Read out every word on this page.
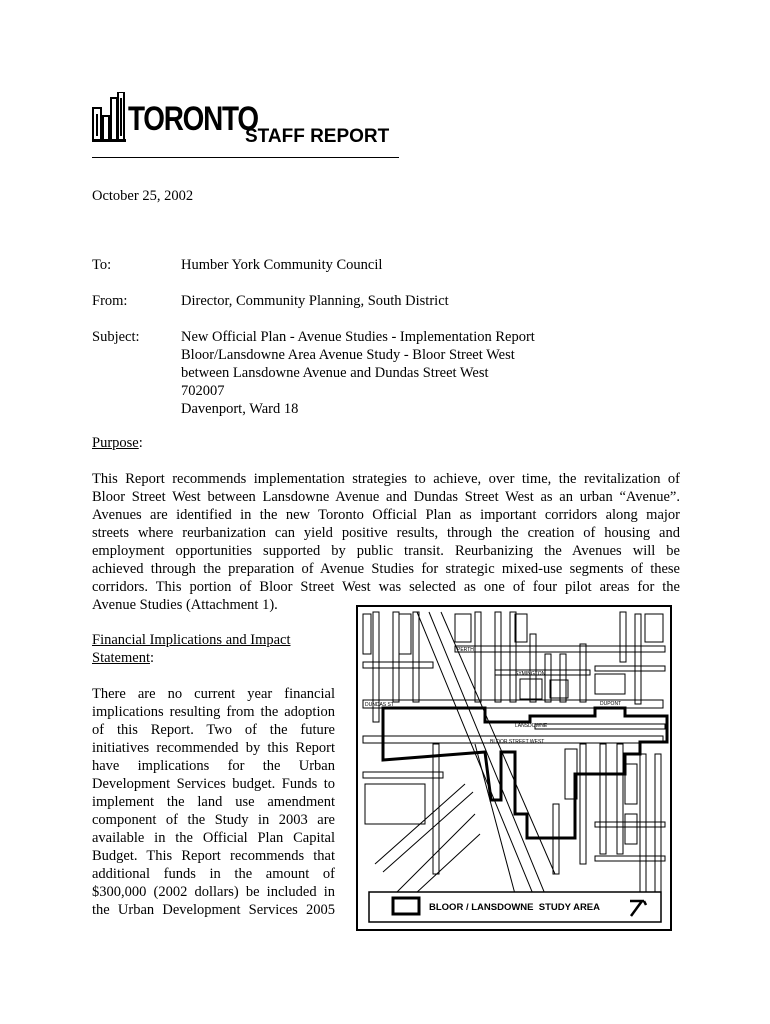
TORONTO
STAFF REPORT
October 25, 2002
To:	Humber York Community Council
From:	Director, Community Planning, South District
Subject:	New Official Plan - Avenue Studies - Implementation Report
Bloor/Lansdowne Area Avenue Study - Bloor Street West
between Lansdowne Avenue and Dundas Street West
702007
Davenport, Ward 18
Purpose:
This Report recommends implementation strategies to achieve, over time, the revitalization of
Bloor Street West between Lansdowne Avenue and Dundas Street West as an urban “Avenue”.
Avenues are identified in the new Toronto Official Plan as important corridors along major
streets where reurbanization can yield positive results, through the creation of housing and
employment opportunities supported by public transit. Reurbanizing the Avenues will be
achieved through the preparation of Avenue Studies for strategic mixed-use segments of these
corridors. This portion of Bloor Street West was selected as one of four pilot areas for the
Avenue Studies (Attachment 1).
Financial Implications and Impact
Statement:
There are no current year financial
implications resulting from the adoption
of this Report. Two of the future
initiatives recommended by this Report
have implications for the Urban
Development Services budget. Funds to
implement the land use amendment
component of the Study in 2003 are
available in the Official Plan Capital
Budget. This Report recommends that
additional funds in the amount of
$300,000 (2002 dollars) be included in
the Urban Development Services 2005
BLOOR STREET WEST
LANSDOWNE
DUNDAS ST	DUPONT
PERTH
SYMINGTON
BLOOR / LANSDOWNE  STUDY AREA
